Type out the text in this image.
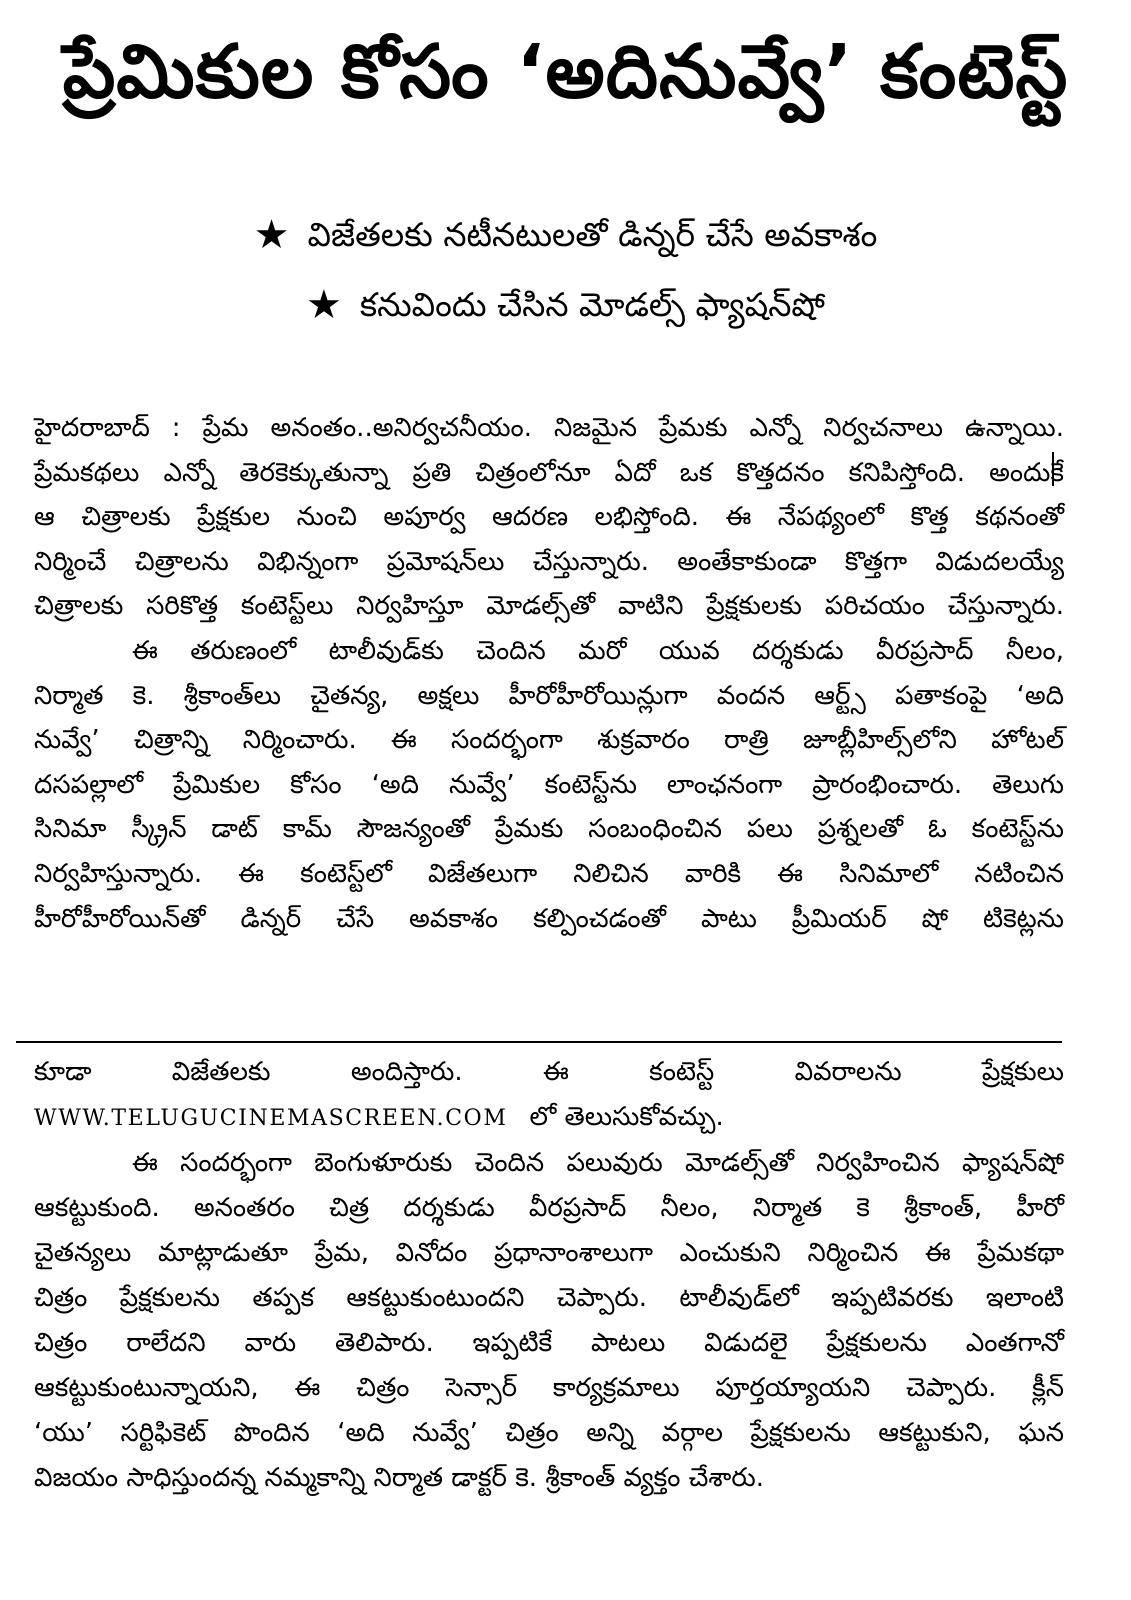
ప్రేమికుల కోసం ‘అదినువ్వే’ కంటెస్ట్
★ విజేతలకు నటీనటులతో డిన్నర్ చేసే అవకాశం
★ కనువిందు చేసిన మోడల్స్ ఫ్యాషన్‌షో
హైదరాబాద్ : ప్రేమ అనంతం..అనిర్వచనీయం. నిజమైన ప్రేమకు ఎన్నో నిర్వచనాలు ఉన్నాయి.
ప్రేమకథలు ఎన్నో తెరకెక్కుతున్నా ప్రతి చిత్రంలోనూ ఏదో ఒక కొత్తదనం కనిపిస్తోంది. అందుకే
ఆ చిత్రాలకు ప్రేక్షకుల నుంచి అపూర్వ ఆదరణ లభిస్తోంది. ఈ నేపథ్యంలో కొత్త కథనంతో
నిర్మించే చిత్రాలను విభిన్నంగా ప్రమోషన్‌లు చేస్తున్నారు. అంతేకాకుండా కొత్తగా విడుదలయ్యే
చిత్రాలకు సరికొత్త కంటెస్ట్‌లు నిర్వహిస్తూ మోడల్స్‌తో వాటిని ప్రేక్షకులకు పరిచయం చేస్తున్నారు.
ఈ తరుణంలో టాలీవుడ్‌కు చెందిన మరో యువ దర్శకుడు వీరప్రసాద్ నీలం,
నిర్మాత కె. శ్రీకాంత్‌లు చైతన్య, అక్షలు హీరోహీరోయిన్లుగా వందన ఆర్ట్స్ పతాకంపై ‘అది
నువ్వే’ చిత్రాన్ని నిర్మించారు. ఈ సందర్భంగా శుక్రవారం రాత్రి జూబ్లీహిల్స్‌లోని హోటల్
దసపల్లాలో ప్రేమికుల కోసం ‘అది నువ్వే’ కంటెస్ట్‌ను లాంఛనంగా ప్రారంభించారు. తెలుగు
సినిమా స్క్రీన్ డాట్ కామ్ సౌజన్యంతో ప్రేమకు సంబంధించిన పలు ప్రశ్నలతో ఓ కంటెస్ట్‌ను
నిర్వహిస్తున్నారు. ఈ కంటెస్ట్‌లో విజేతలుగా నిలిచిన వారికి ఈ సినిమాలో నటించిన
హీరోహీరోయిన్‌తో డిన్నర్ చేసే అవకాశం కల్పించడంతో పాటు ప్రీమియర్ షో టికెట్లను
కూడా విజేతలకు అందిస్తారు. ఈ కంటెస్ట్ వివరాలను ప్రేక్షకులు
WWW.TELUGUCINEMASCREEN.COM లో తెలుసుకోవచ్చు.
ఈ సందర్భంగా బెంగుళూరుకు చెందిన పలువురు మోడల్స్‌తో నిర్వహించిన ఫ్యాషన్‌షో
ఆకట్టుకుంది. అనంతరం చిత్ర దర్శకుడు వీరప్రసాద్ నీలం, నిర్మాత కె శ్రీకాంత్, హీరో
చైతన్యలు మాట్లాడుతూ ప్రేమ, వినోదం ప్రధానాంశాలుగా ఎంచుకుని నిర్మించిన ఈ ప్రేమకథా
చిత్రం ప్రేక్షకులను తప్పక ఆకట్టుకుంటుందని చెప్పారు. టాలీవుడ్‌లో ఇప్పటివరకు ఇలాంటి
చిత్రం రాలేదని వారు తెలిపారు. ఇప్పటికే పాటలు విడుదలై ప్రేక్షకులను ఎంతగానో
ఆకట్టుకుంటున్నాయని, ఈ చిత్రం సెన్సార్ కార్యక్రమాలు పూర్తయ్యాయని చెప్పారు. క్లీన్
‘యు’ సర్టిఫికెట్ పొందిన ‘అది నువ్వే’ చిత్రం అన్ని వర్గాల ప్రేక్షకులను ఆకట్టుకుని, ఘన
విజయం సాధిస్తుందన్న నమ్మకాన్ని నిర్మాత డాక్టర్ కె. శ్రీకాంత్ వ్యక్తం చేశారు.
